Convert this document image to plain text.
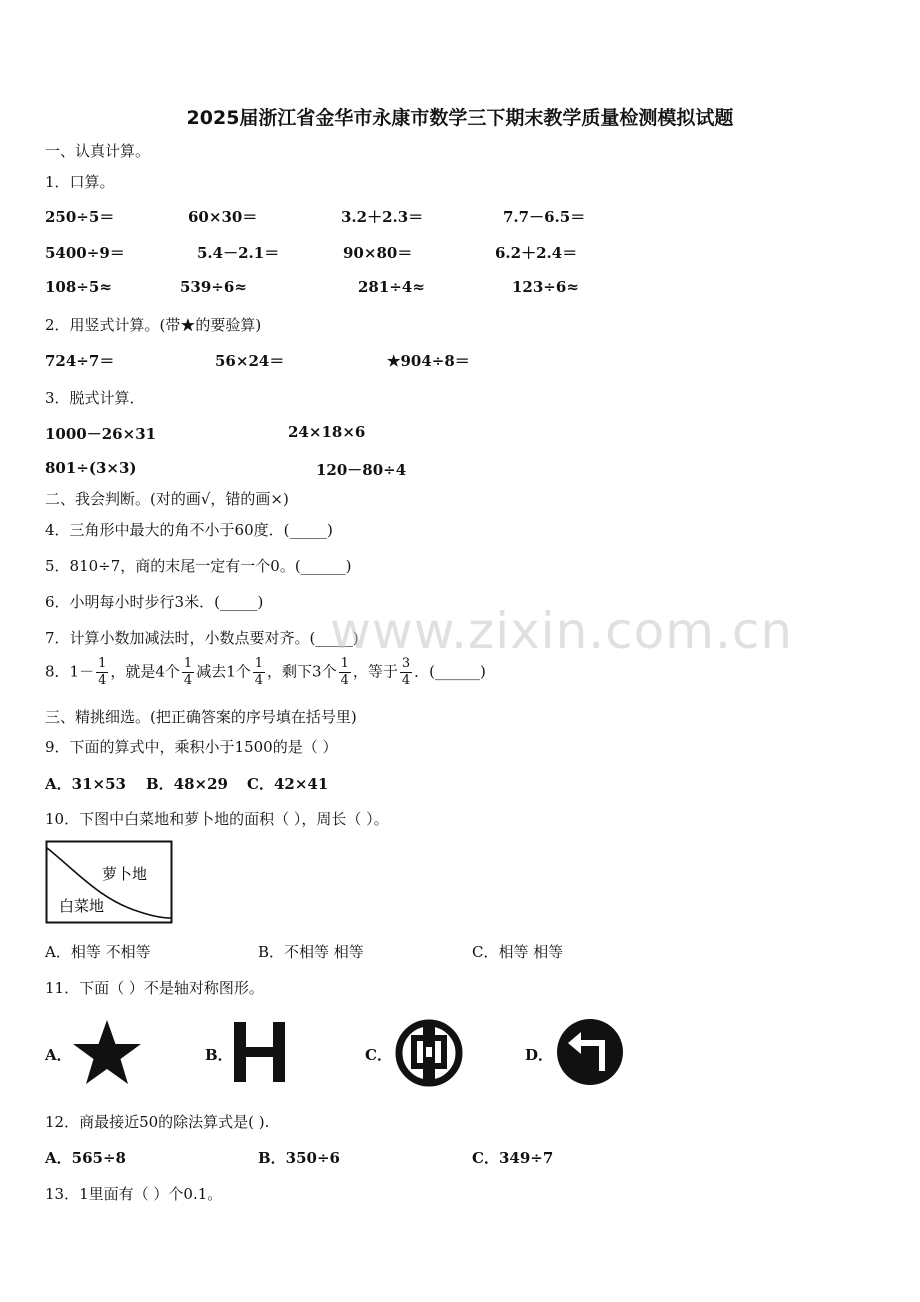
2025届浙江省金华市永康市数学三下期末教学质量检测模拟试题
一、认真计算。
1．口算。
250÷5＝	60×30＝	3.2＋2.3＝	7.7－6.5＝
5400÷9＝	5.4－2.1＝	90×80＝	6.2＋2.4＝
108÷5≈	539÷6≈	281÷4≈	123÷6≈
2．用竖式计算。(带★的要验算)
724÷7＝	56×24＝	★904÷8＝
3．脱式计算．
1000－26×31	24×18×6
801÷(3×3)	120－80÷4
二、我会判断。(对的画√，错的画×)
4．三角形中最大的角不小于60度．(_____)
5．810÷7，商的末尾一定有一个0。(______)
6．小明每小时步行3米．(_____)
7．计算小数加减法时，小数点要对齐。(_____)
8．$1- \frac{1}{4}$ ，就是4个 $\frac{1}{4}$ 减去1个 $\frac{1}{4}$ ，剩下3个 $\frac{1}{4}$ ，等于 $\frac{3}{4}$ ．(______)
三、精挑细选。(把正确答案的序号填在括号里)
9．下面的算式中，乘积小于1500的是（ ）
A．31×53 B．48×29 C．42×41
10．下图中白菜地和萝卜地的面积（ ），周长（ ）。
萝卜地
白菜地
A．相等 不相等	B．不相等 相等	C．相等 相等
11．下面（ ）不是轴对称图形。
A．	B．	C．	D．
12．商最接近50的除法算式是( ).
A．565÷8	B．350÷6	C．349÷7
13．1里面有（ ）个0.1。
www.zixin.com.cn
